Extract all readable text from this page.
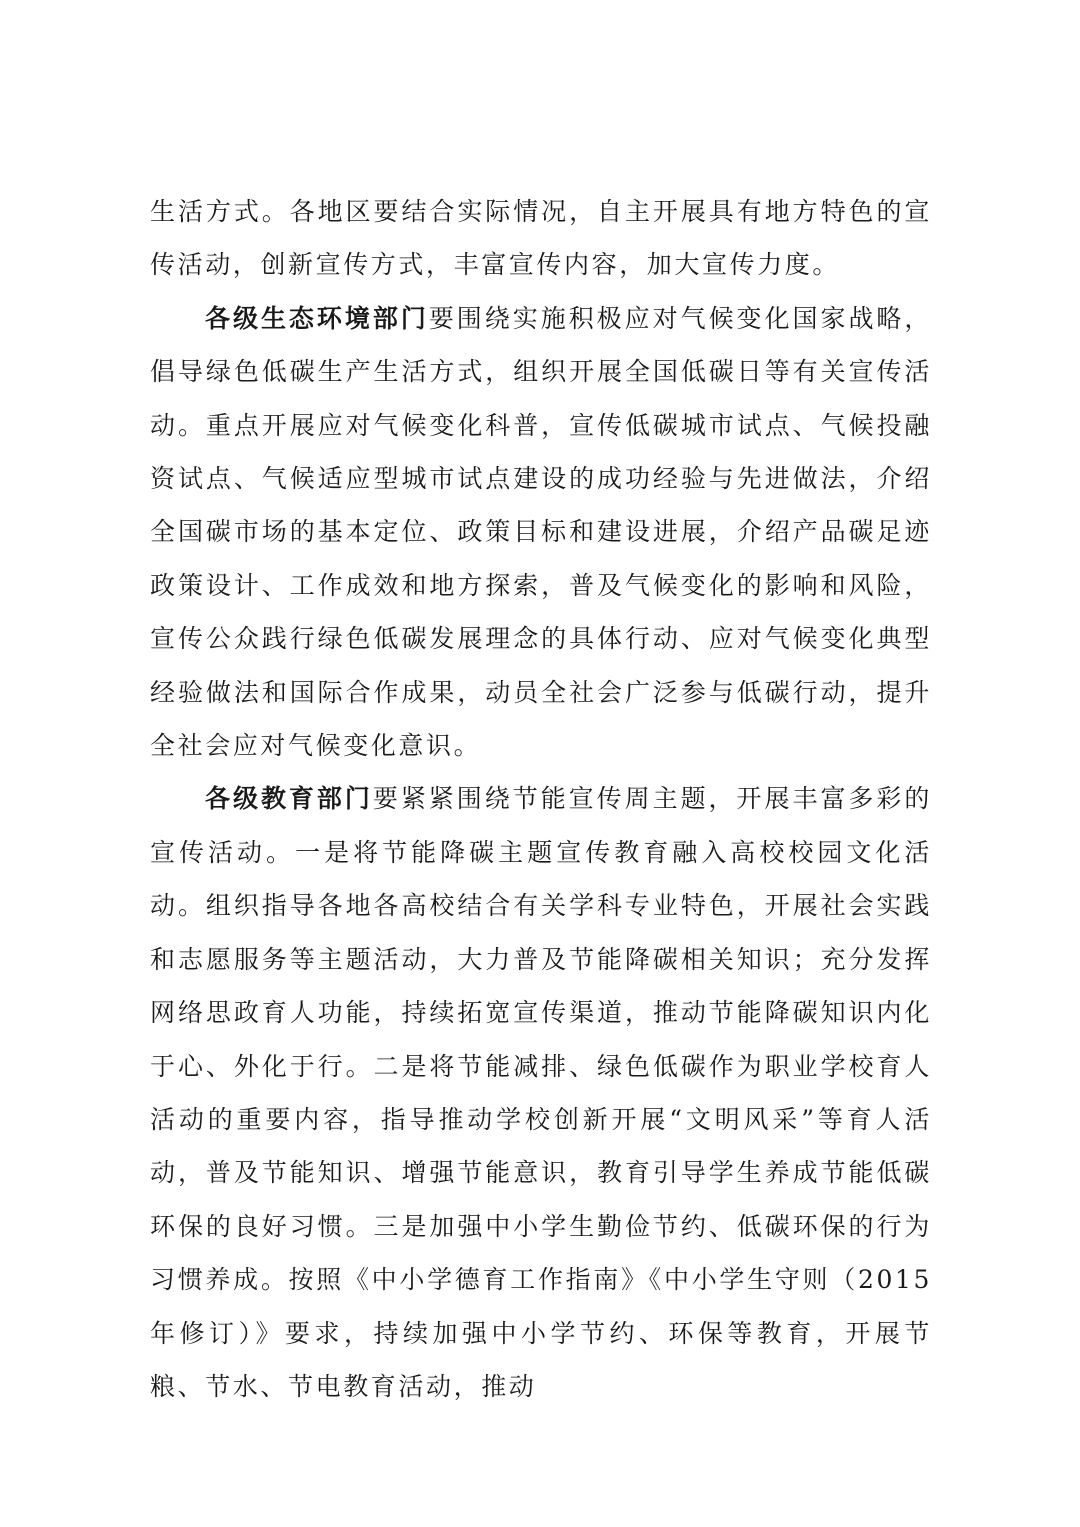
生活方式。各地区要结合实际情况，自主开展具有地方特色的宣传活动，创新宣传方式，丰富宣传内容，加大宣传力度。

各级生态环境部门要围绕实施积极应对气候变化国家战略，倡导绿色低碳生产生活方式，组织开展全国低碳日等有关宣传活动。重点开展应对气候变化科普，宣传低碳城市试点、气候投融资试点、气候适应型城市试点建设的成功经验与先进做法，介绍全国碳市场的基本定位、政策目标和建设进展，介绍产品碳足迹政策设计、工作成效和地方探索，普及气候变化的影响和风险，宣传公众践行绿色低碳发展理念的具体行动、应对气候变化典型经验做法和国际合作成果，动员全社会广泛参与低碳行动，提升全社会应对气候变化意识。

各级教育部门要紧紧围绕节能宣传周主题，开展丰富多彩的宣传活动。一是将节能降碳主题宣传教育融入高校校园文化活动。组织指导各地各高校结合有关学科专业特色，开展社会实践和志愿服务等主题活动，大力普及节能降碳相关知识；充分发挥网络思政育人功能，持续拓宽宣传渠道，推动节能降碳知识内化于心、外化于行。二是将节能减排、绿色低碳作为职业学校育人活动的重要内容，指导推动学校创新开展“文明风采”等育人活动，普及节能知识、增强节能意识，教育引导学生养成节能低碳环保的良好习惯。三是加强中小学生勤俭节约、低碳环保的行为习惯养成。按照《中小学德育工作指南》《中小学生守则（2015年修订）》要求，持续加强中小学节约、环保等教育，开展节粮、节水、节电教育活动，推动
